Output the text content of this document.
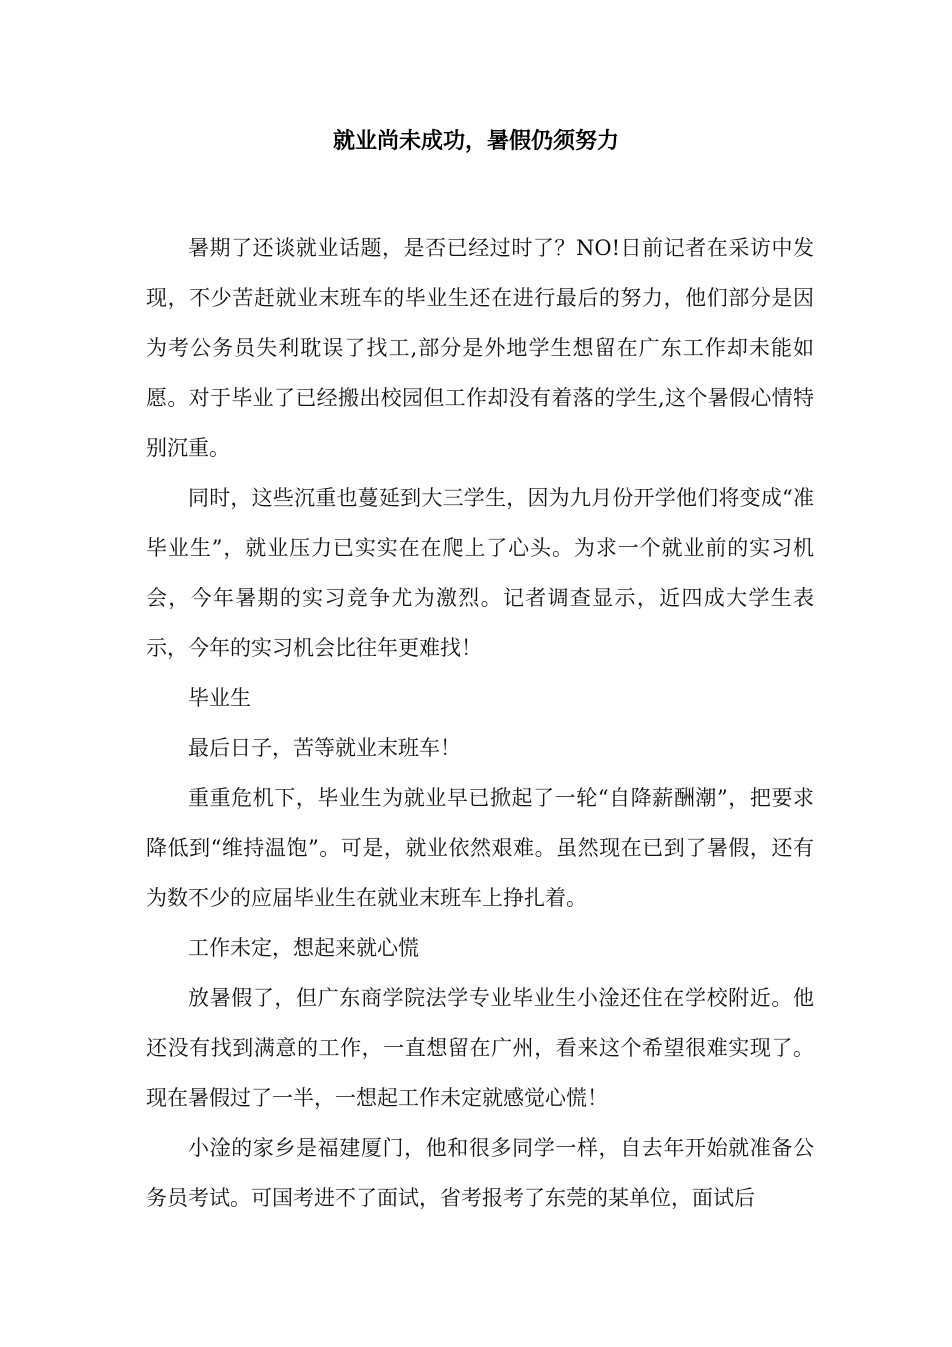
就业尚未成功，暑假仍须努力

暑期了还谈就业话题，是否已经过时了？NO!日前记者在采访中发现，不少苦赶就业末班车的毕业生还在进行最后的努力，他们部分是因为考公务员失利耽误了找工,部分是外地学生想留在广东工作却未能如愿。对于毕业了已经搬出校园但工作却没有着落的学生,这个暑假心情特别沉重。

同时，这些沉重也蔓延到大三学生，因为九月份开学他们将变成“准毕业生”，就业压力已实实在在爬上了心头。为求一个就业前的实习机会，今年暑期的实习竞争尤为激烈。记者调查显示，近四成大学生表示，今年的实习机会比往年更难找！

毕业生

最后日子，苦等就业末班车！

重重危机下，毕业生为就业早已掀起了一轮“自降薪酬潮”，把要求降低到“维持温饱”。可是，就业依然艰难。虽然现在已到了暑假，还有为数不少的应届毕业生在就业末班车上挣扎着。

工作未定，想起来就心慌

放暑假了，但广东商学院法学专业毕业生小淦还住在学校附近。他还没有找到满意的工作，一直想留在广州，看来这个希望很难实现了。现在暑假过了一半，一想起工作未定就感觉心慌！

小淦的家乡是福建厦门，他和很多同学一样，自去年开始就准备公务员考试。可国考进不了面试，省考报考了东莞的某单位，面试后
